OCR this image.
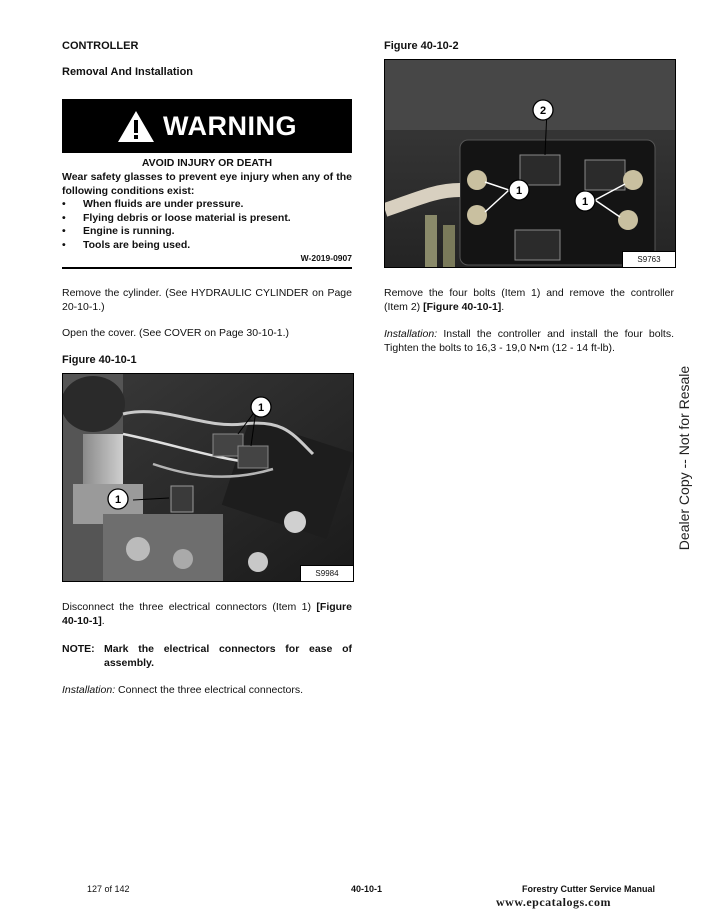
CONTROLLER
Removal And Installation
WARNING
AVOID INJURY OR DEATH
Wear safety glasses to prevent eye injury when any of the following conditions exist:
• When fluids are under pressure.
• Flying debris or loose material is present.
• Engine is running.
• Tools are being used.
W-2019-0907
Remove the cylinder. (See HYDRAULIC CYLINDER on Page 20-10-1.)
Open the cover. (See COVER on Page 30-10-1.)
Figure 40-10-1
1
1
S9984
Disconnect the three electrical connectors (Item 1) [Figure 40-10-1].
NOTE: Mark the electrical connectors for ease of assembly.
Installation: Connect the three electrical connectors.
Figure 40-10-2
2
1
1
S9763
Remove the four bolts (Item 1) and remove the controller (Item 2) [Figure 40-10-1].
Installation: Install the controller and install the four bolts. Tighten the bolts to 16,3 - 19,0 N•m (12 - 14 ft-lb).
Dealer Copy -- Not for Resale
127 of 142	40-10-1	Forestry Cutter Service Manual
www.epcatalogs.com
